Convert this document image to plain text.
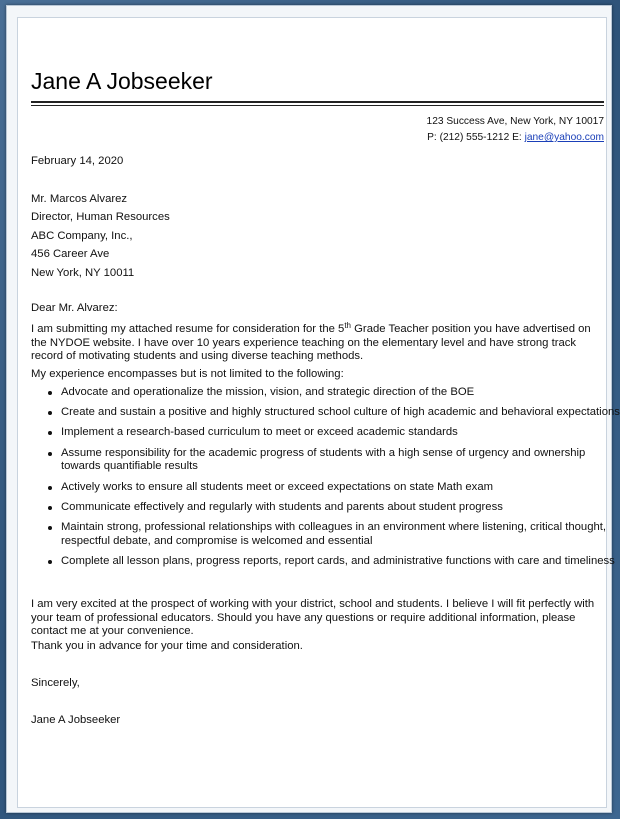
Jane A Jobseeker
123 Success Ave, New York, NY 10017
P: (212) 555-1212 E: jane@yahoo.com
February 14, 2020
Mr. Marcos Alvarez
Director, Human Resources
ABC Company, Inc.,
456 Career Ave
New York, NY 10011
Dear Mr. Alvarez:
I am submitting my attached resume for consideration for the 5th Grade Teacher position you have advertised on the NYDOE website. I have over 10 years experience teaching on the elementary level and have strong track record of motivating students and using diverse teaching methods.
My experience encompasses but is not limited to the following:
Advocate and operationalize the mission, vision, and strategic direction of the BOE
Create and sustain a positive and highly structured school culture of high academic and behavioral expectations
Implement a research-based curriculum to meet or exceed academic standards
Assume responsibility for the academic progress of students with a high sense of urgency and ownership towards quantifiable results
Actively works to ensure all students meet or exceed expectations on state Math exam
Communicate effectively and regularly with students and parents about student progress
Maintain strong, professional relationships with colleagues in an environment where listening, critical thought, respectful debate, and compromise is welcomed and essential
Complete all lesson plans, progress reports, report cards, and administrative functions with care and timeliness
I am very excited at the prospect of working with your district, school and students. I believe I will fit perfectly with your team of professional educators. Should you have any questions or require additional information, please contact me at your convenience.
Thank you in advance for your time and consideration.
Sincerely,
Jane A Jobseeker
